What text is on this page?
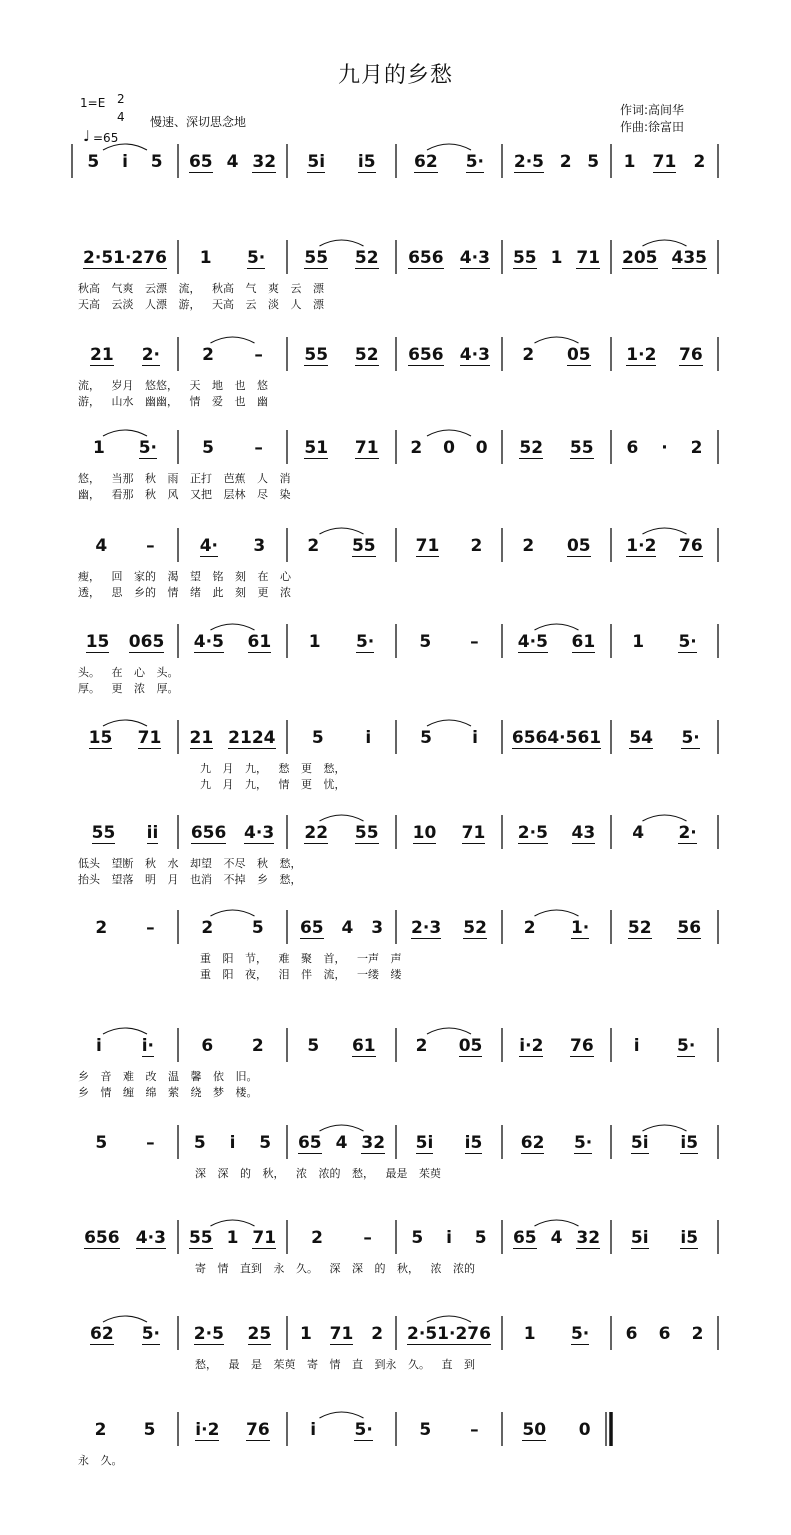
九月的乡愁
1=E 2
4
♩ =65
慢速、深切思念地
作词:高间华
作曲:徐富田
5 i 5 65 4 32 5i i5 62 5· 2·5 2 5 1 71 2
2·51·276 1 5· 55 52 656 4·3 55 1 71 205 435
秋高 气爽 云漂 流， 秋高 气 爽 云 漂
天高 云淡 人漂 游， 天高 云 淡 人 漂
21 2· 2 – 55 52 656 4·3 2 05 1·2 76
流， 岁月 悠悠， 天 地 也 悠
游， 山水 幽幽， 情 爱 也 幽
1 5·	5 – 51 71 2 0 0 52 55 6 · 2
悠， 当那 秋 雨 正打 芭蕉 人 消
幽， 看那 秋 风 又把 层林 尽 染
4 –	4· 3 2 55 71 2 2 05 1·2 76
瘦， 回 家的 渴 望 铭 刻 在 心
透， 思 乡的 情 绪 此 刻 更 浓
15 065 4·5 61 1 5·	5 – 4·5 61 1 5·
头。 在 心 头。
厚。 更 浓 厚。
15 71 21 2124 5 i	5 i 6564·561 54 5·
九 月 九， 愁 更 愁，
九 月 九， 情 更 忧，
55 ii 656 4·3 22 55 10 71 2·5 43 4 2·
低头 望断 秋 水 却望 不尽 秋 愁，
抬头 望落 明 月 也消 不掉 乡 愁，
2 –	2 5 65 4 3 2·3 52 2 1· 52 56
重 阳 节， 难 聚 首， 一声 声
重 阳 夜， 泪 伴 流， 一缕 缕
i i·	6 2	5 61 2 05 i·2 76 i 5·
乡 音 难 改 温 馨 依 旧。
乡 情 缠 绵 萦 绕 梦 楼。
5 – 5 i 5 65 4 32 5i i5 62 5· 5i i5
深 深 的 秋， 浓 浓的 愁， 最是 茱萸
656 4·3 55 1 71 2 – 5 i 5 65 4 32 5i i5
寄 情 直到 永 久。 深 深 的 秋， 浓 浓的
62 5· 2·5 25 1 71 2 2·51·276 1 5· 6 6 2
愁， 最 是 茱萸 寄 情 直 到永 久。 直 到
2 5 i·2 76 i 5·	5 –	50 0
永 久。
